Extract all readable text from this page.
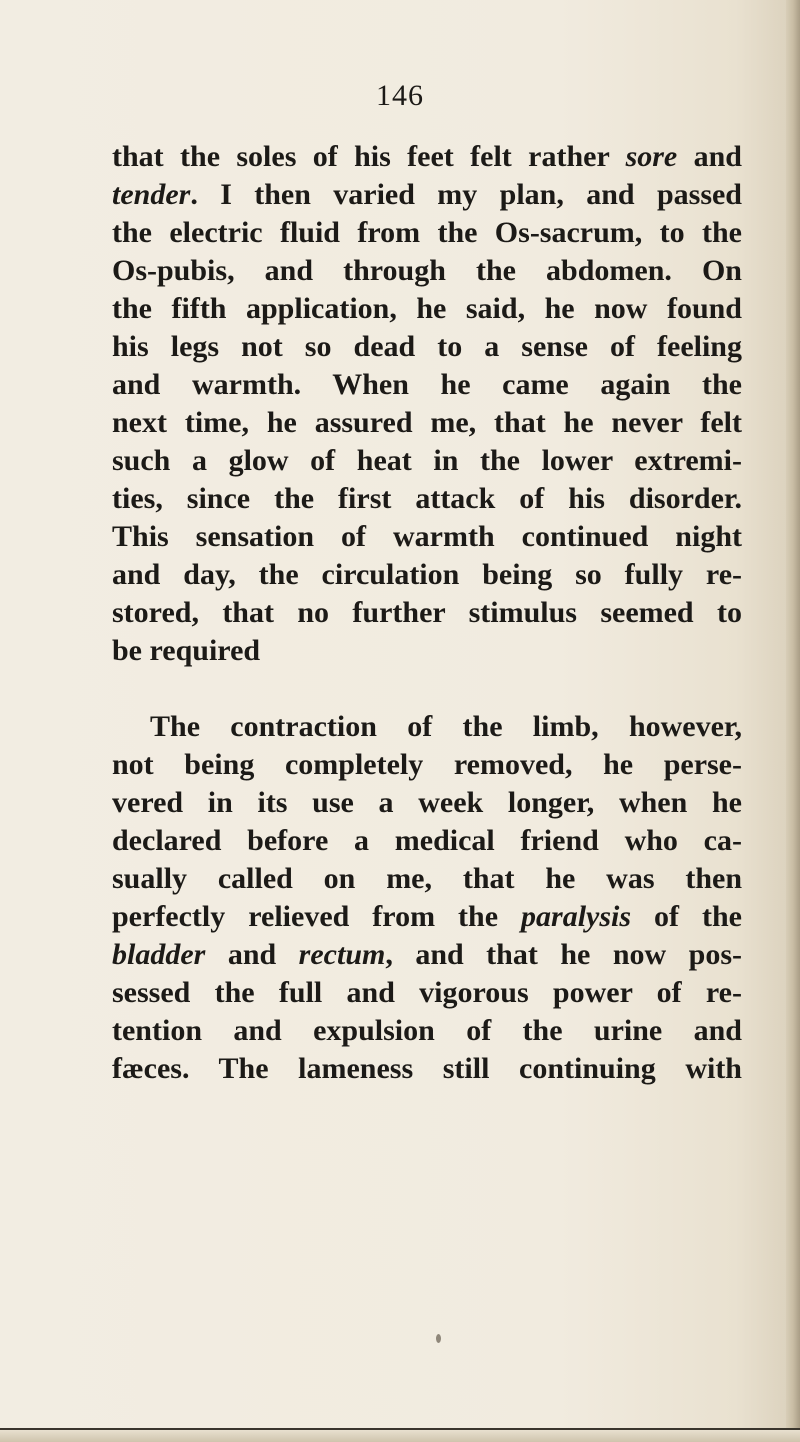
146
that the soles of his feet felt rather sore and
tender. I then varied my plan, and passed
the electric fluid from the Os-sacrum, to the
Os-pubis, and through the abdomen. On
the fifth application, he said, he now found
his legs not so dead to a sense of feeling
and warmth. When he came again the
next time, he assured me, that he never felt
such a glow of heat in the lower extremi-
ties, since the first attack of his disorder.
This sensation of warmth continued night
and day, the circulation being so fully re-
stored, that no further stimulus seemed to
be required
The contraction of the limb, however,
not being completely removed, he perse-
vered in its use a week longer, when he
declared before a medical friend who ca-
sually called on me, that he was then
perfectly relieved from the paralysis of the
bladder and rectum, and that he now pos-
sessed the full and vigorous power of re-
tention and expulsion of the urine and
fæces. The lameness still continuing with
